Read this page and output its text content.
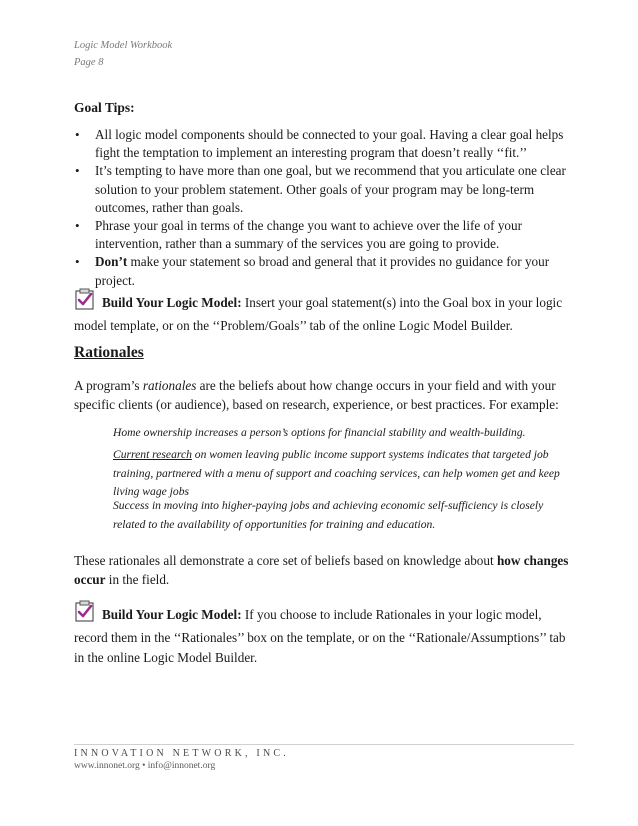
Logic Model Workbook
Page 8
Goal Tips:
• All logic model components should be connected to your goal. Having a clear goal helps fight the temptation to implement an interesting program that doesn’t really ‘‘fit.’’
• It’s tempting to have more than one goal, but we recommend that you articulate one clear solution to your problem statement. Other goals of your program may be long-term outcomes, rather than goals.
• Phrase your goal in terms of the change you want to achieve over the life of your intervention, rather than a summary of the services you are going to provide.
• Don’t make your statement so broad and general that it provides no guidance for your project.
Build Your Logic Model: Insert your goal statement(s) into the Goal box in your logic model template, or on the ‘‘Problem/Goals’’ tab of the online Logic Model Builder.
Rationales
A program’s rationales are the beliefs about how change occurs in your field and with your specific clients (or audience), based on research, experience, or best practices. For example:
Home ownership increases a person’s options for financial stability and wealth-building.
Current research on women leaving public income support systems indicates that targeted job training, partnered with a menu of support and coaching services, can help women get and keep living wage jobs
Success in moving into higher-paying jobs and achieving economic self-sufficiency is closely related to the availability of opportunities for training and education.
These rationales all demonstrate a core set of beliefs based on knowledge about how changes occur in the field.
Build Your Logic Model: If you choose to include Rationales in your logic model, record them in the ‘‘Rationales’’ box on the template, or on the ‘‘Rationale/Assumptions’’ tab in the online Logic Model Builder.
INNOVATION NETWORK, INC.
www.innonet.org • info@innonet.org
